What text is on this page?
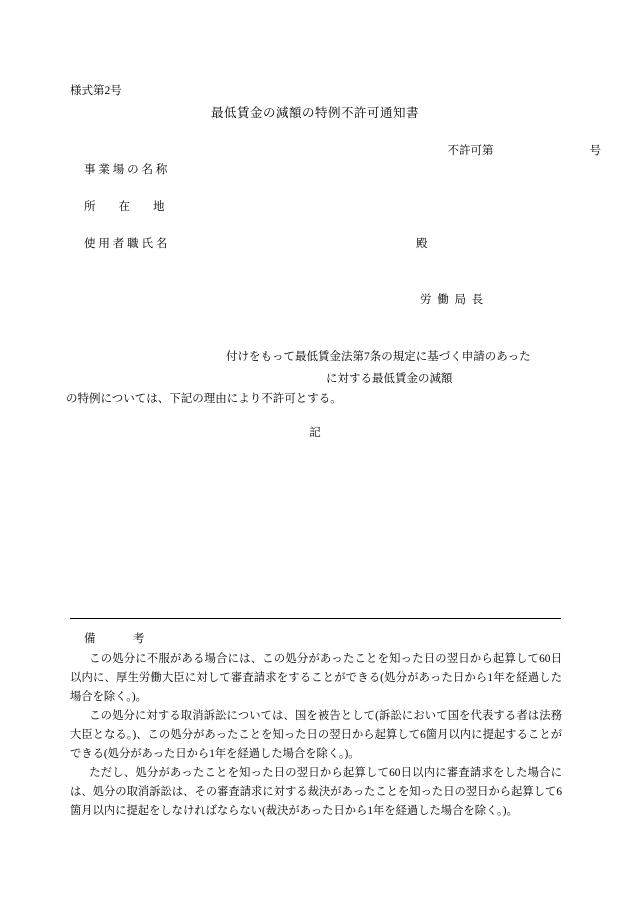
様式第2号
最低賃金の減額の特例不許可通知書

不許可第	号

事 業 場 の 名 称
所        在        地
使 用 者 職 氏 名	殿
労  働  局  長
付けをもって最低賃金法第7条の規定に基づく申請のあった
に対する最低賃金の減額
の特例については、下記の理由により不許可とする。
記
備             考

この処分に不服がある場合には、この処分があったことを知った日の翌日から起算して60日以内に、厚生労働大臣に対して審査請求をすることができる(処分があった日から1年を経過した場合を除く。)。

この処分に対する取消訴訟については、国を被告として(訴訟において国を代表する者は法務大臣となる。)、この処分があったことを知った日の翌日から起算して6箇月以内に提起することができる(処分があった日から1年を経過した場合を除く。)。

ただし、処分があったことを知った日の翌日から起算して60日以内に審査請求をした場合には、処分の取消訴訟は、その審査請求に対する裁決があったことを知った日の翌日から起算して6箇月以内に提起をしなければならない(裁決があった日から1年を経過した場合を除く。)。
